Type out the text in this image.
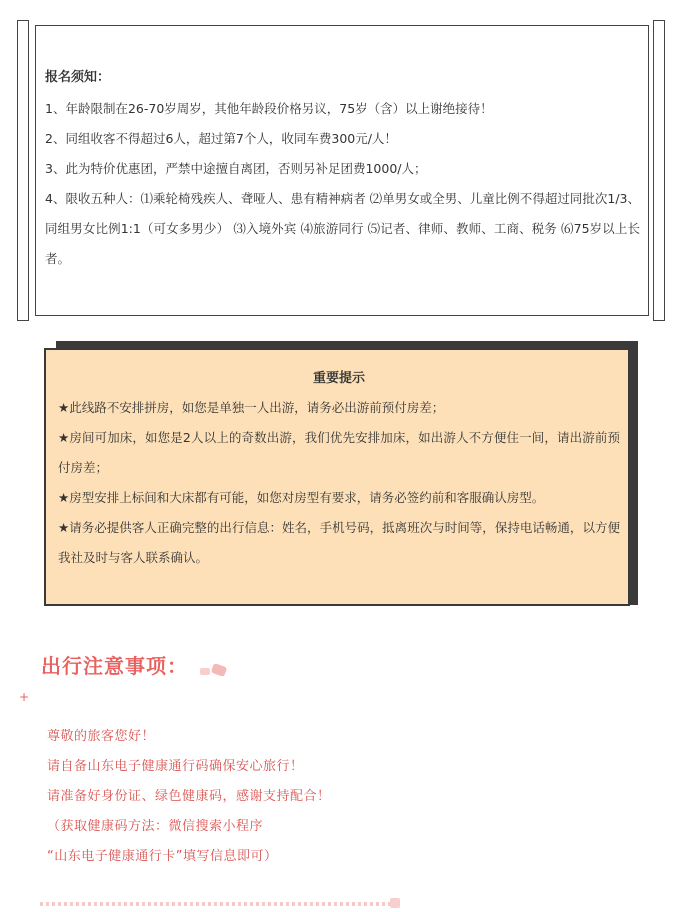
报名须知：

1、年龄限制在26-70岁周岁，其他年龄段价格另议，75岁（含）以上谢绝接待！

2、同组收客不得超过6人，超过第7个人，收同车费300元/人！

3、此为特价优惠团，严禁中途擅自离团，否则另补足团费1000/人；

4、限收五种人：⑴乘轮椅残疾人、聋哑人、患有精神病者 ⑵单男女或全男、儿童比例不得超过同批次1/3、同组男女比例1:1（可女多男少） ⑶入境外宾 ⑷旅游同行 ⑸记者、律师、教师、工商、税务 ⑹75岁以上长者。

重要提示

★此线路不安排拼房，如您是单独一人出游，请务必出游前预付房差；

★房间可加床，如您是2人以上的奇数出游，我们优先安排加床，如出游人不方便住一间，请出游前预付房差；

★房型安排上标间和大床都有可能，如您对房型有要求，请务必签约前和客服确认房型。

★请务必提供客人正确完整的出行信息：姓名，手机号码，抵离班次与时间等，保持电话畅通，以方便我社及时与客人联系确认。

出行注意事项：
+
尊敬的旅客您好！
请自备山东电子健康通行码确保安心旅行！
请准备好身份证、绿色健康码，感谢支持配合！
（获取健康码方法：微信搜索小程序
“山东电子健康通行卡”填写信息即可）
